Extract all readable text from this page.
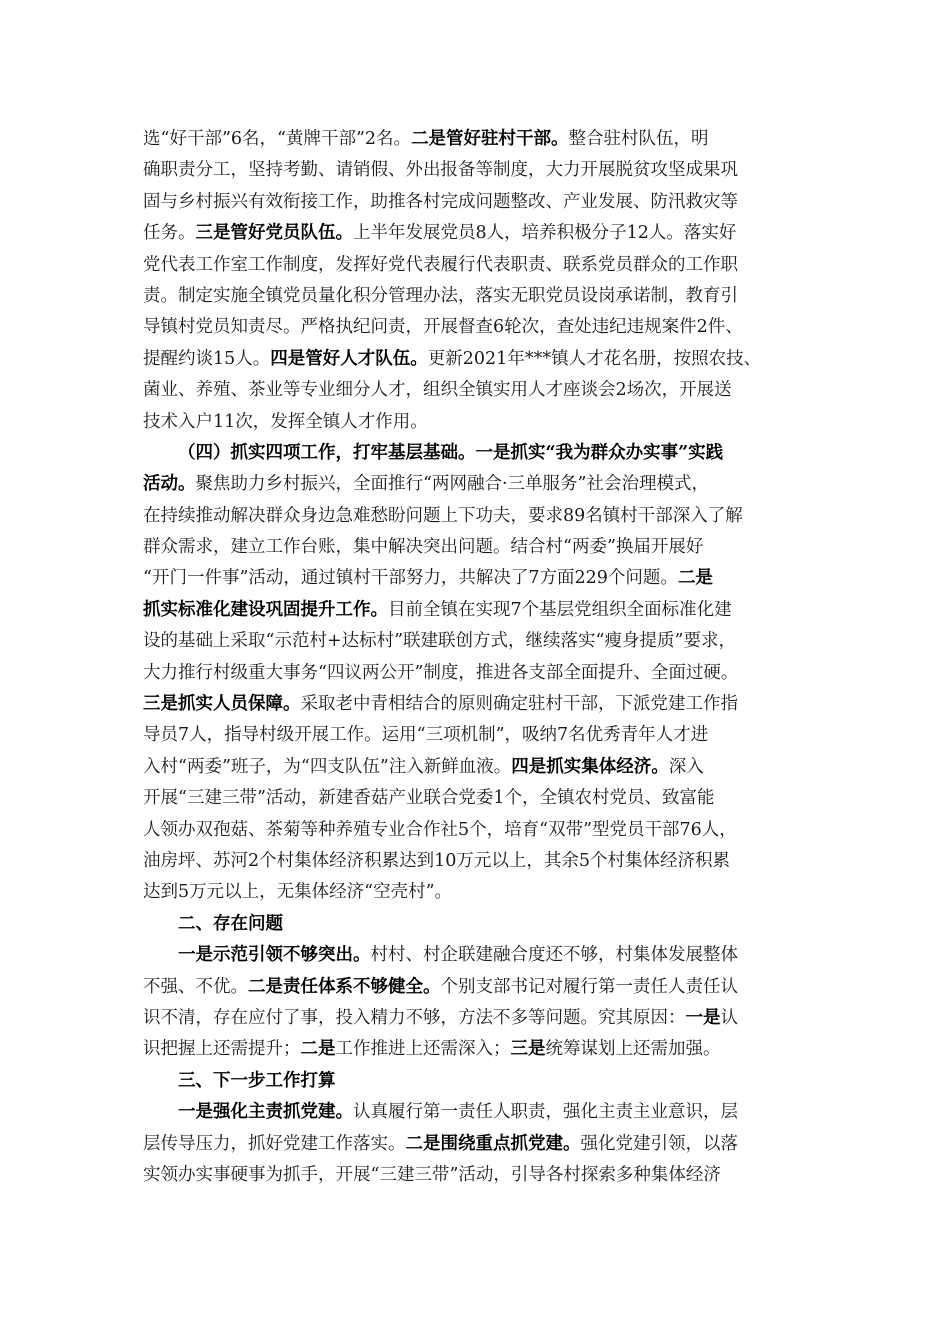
选“好干部”6名，“黄牌干部”2名。二是管好驻村干部。整合驻村队伍，明
确职责分工，坚持考勤、请销假、外出报备等制度，大力开展脱贫攻坚成果巩
固与乡村振兴有效衔接工作，助推各村完成问题整改、产业发展、防汛救灾等
任务。三是管好党员队伍。上半年发展党员8人，培养积极分子12人。落实好
党代表工作室工作制度，发挥好党代表履行代表职责、联系党员群众的工作职
责。制定实施全镇党员量化积分管理办法，落实无职党员设岗承诺制，教育引
导镇村党员知责尽。严格执纪问责，开展督查6轮次，查处违纪违规案件2件、
提醒约谈15人。四是管好人才队伍。更新2021年***镇人才花名册，按照农技、
菌业、养殖、茶业等专业细分人才，组织全镇实用人才座谈会2场次，开展送
技术入户11次，发挥全镇人才作用。
（四）抓实四项工作，打牢基层基础。一是抓实“我为群众办实事”实践
活动。聚焦助力乡村振兴，全面推行“两网融合·三单服务”社会治理模式，
在持续推动解决群众身边急难愁盼问题上下功夫，要求89名镇村干部深入了解
群众需求，建立工作台账，集中解决突出问题。结合村“两委”换届开展好
“开门一件事”活动，通过镇村干部努力，共解决了7方面229个问题。二是
抓实标准化建设巩固提升工作。目前全镇在实现7个基层党组织全面标准化建
设的基础上采取“示范村+达标村”联建联创方式，继续落实“瘦身提质”要求，
大力推行村级重大事务“四议两公开”制度，推进各支部全面提升、全面过硬。
三是抓实人员保障。采取老中青相结合的原则确定驻村干部，下派党建工作指
导员7人，指导村级开展工作。运用“三项机制”，吸纳7名优秀青年人才进
入村“两委”班子，为“四支队伍”注入新鲜血液。四是抓实集体经济。深入
开展“三建三带”活动，新建香菇产业联合党委1个，全镇农村党员、致富能
人领办双孢菇、茶菊等种养殖专业合作社5个，培育“双带”型党员干部76人，
油房坪、苏河2个村集体经济积累达到10万元以上，其余5个村集体经济积累
达到5万元以上，无集体经济“空壳村”。
二、存在问题
一是示范引领不够突出。村村、村企联建融合度还不够，村集体发展整体
不强、不优。二是责任体系不够健全。个别支部书记对履行第一责任人责任认
识不清，存在应付了事，投入精力不够，方法不多等问题。究其原因：一是认
识把握上还需提升；二是工作推进上还需深入；三是统筹谋划上还需加强。
三、下一步工作打算
一是强化主责抓党建。认真履行第一责任人职责，强化主责主业意识，层
层传导压力，抓好党建工作落实。二是围绕重点抓党建。强化党建引领，以落
实领办实事硬事为抓手，开展“三建三带”活动，引导各村探索多种集体经济
